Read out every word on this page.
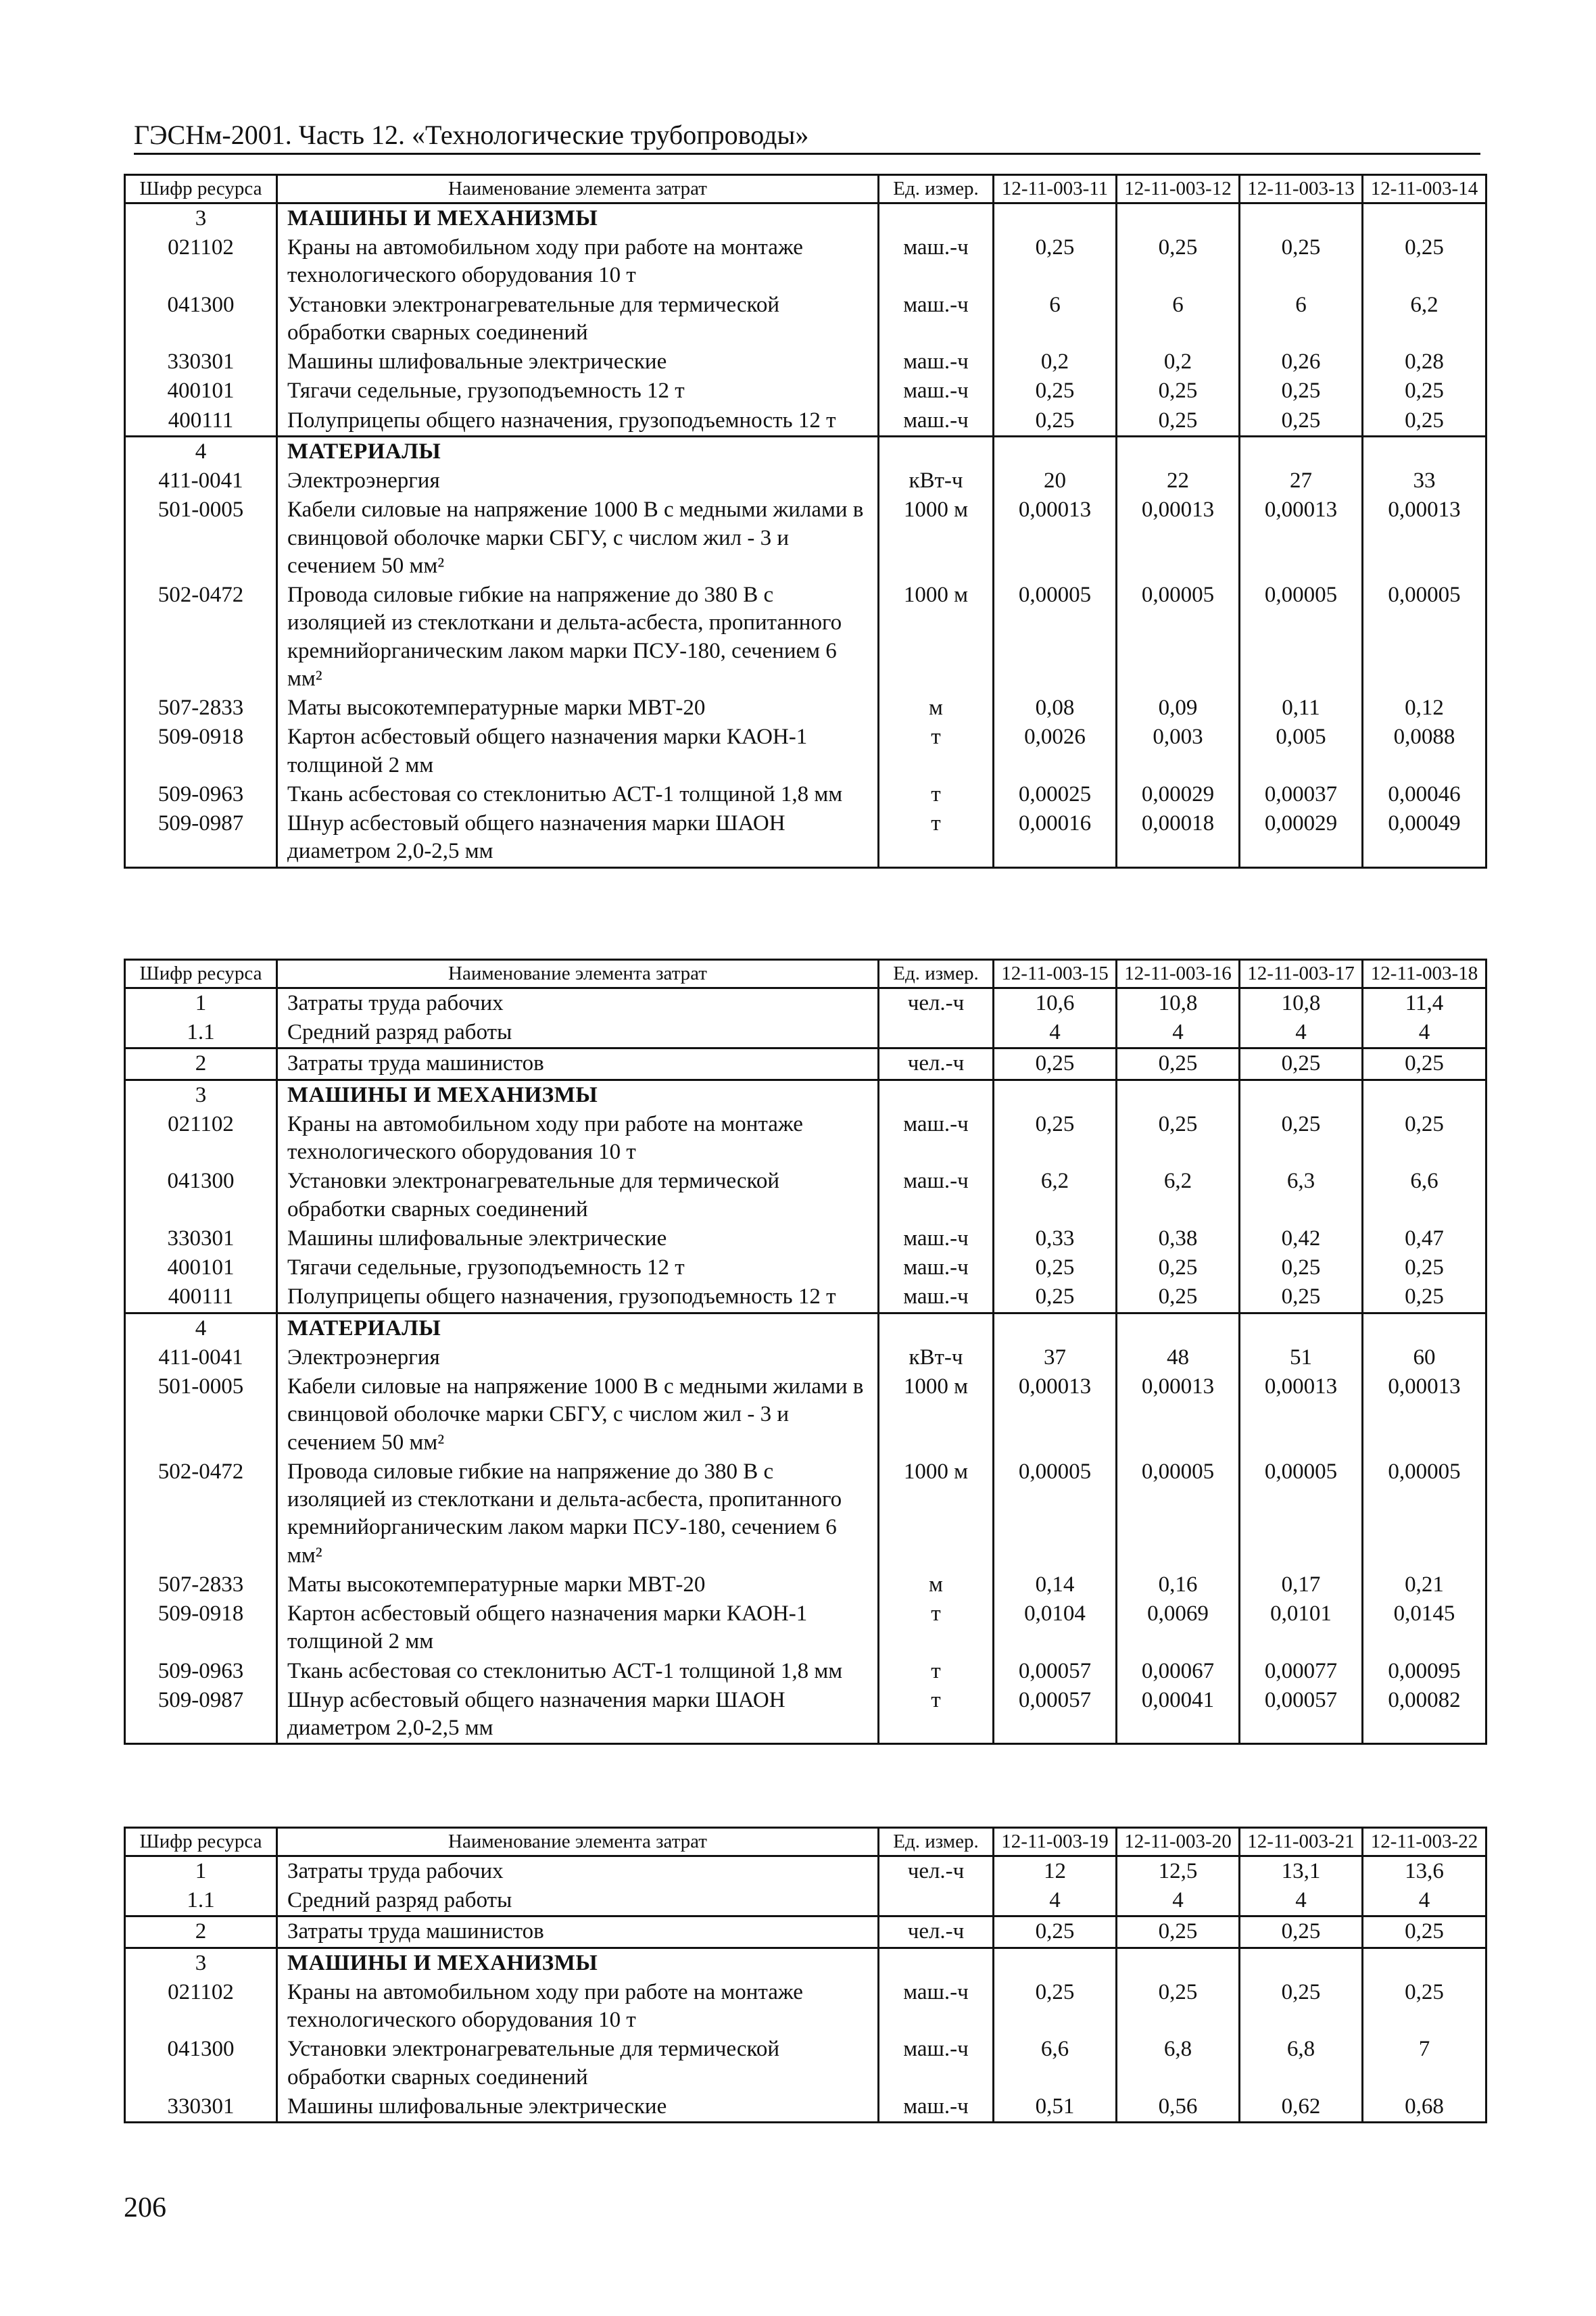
ГЭСНм-2001. Часть 12. «Технологические трубопроводы»
Шифр ресурса	Наименование элемента затрат	Ед. измер.	12-11-003-11	12-11-003-12	12-11-003-13	12-11-003-14
3	МАШИНЫ И МЕХАНИЗМЫ					
021102	Краны на автомобильном ходу при работе на монтаже технологического оборудования 10 т	маш.-ч	0,25	0,25	0,25	0,25
041300	Установки электронагревательные для термической обработки сварных соединений	маш.-ч	6	6	6	6,2
330301	Машины шлифовальные электрические	маш.-ч	0,2	0,2	0,26	0,28
400101	Тягачи седельные, грузоподъемность 12 т	маш.-ч	0,25	0,25	0,25	0,25
400111	Полуприцепы общего назначения, грузоподъемность 12 т	маш.-ч	0,25	0,25	0,25	0,25
4	МАТЕРИАЛЫ					
411-0041	Электроэнергия	кВт-ч	20	22	27	33
501-0005	Кабели силовые на напряжение 1000 В с медными жилами в свинцовой оболочке марки СБГУ, с числом жил - 3 и сечением 50 мм²	1000 м	0,00013	0,00013	0,00013	0,00013
502-0472	Провода силовые гибкие на напряжение до 380 В с изоляцией из стеклоткани и дельта-асбеста, пропитанного кремнийорганическим лаком марки ПСУ-180, сечением 6 мм²	1000 м	0,00005	0,00005	0,00005	0,00005
507-2833	Маты высокотемпературные марки МВТ-20	м	0,08	0,09	0,11	0,12
509-0918	Картон асбестовый общего назначения марки КАОН-1 толщиной 2 мм	т	0,0026	0,003	0,005	0,0088
509-0963	Ткань асбестовая со стеклонитью АСТ-1 толщиной 1,8 мм	т	0,00025	0,00029	0,00037	0,00046
509-0987	Шнур асбестовый общего назначения марки ШАОН диаметром 2,0-2,5 мм	т	0,00016	0,00018	0,00029	0,00049
Шифр ресурса	Наименование элемента затрат	Ед. измер.	12-11-003-15	12-11-003-16	12-11-003-17	12-11-003-18
1	Затраты труда рабочих	чел.-ч	10,6	10,8	10,8	11,4
1.1	Средний разряд работы		4	4	4	4
2	Затраты труда машинистов	чел.-ч	0,25	0,25	0,25	0,25
3	МАШИНЫ И МЕХАНИЗМЫ					
021102	Краны на автомобильном ходу при работе на монтаже технологического оборудования 10 т	маш.-ч	0,25	0,25	0,25	0,25
041300	Установки электронагревательные для термической обработки сварных соединений	маш.-ч	6,2	6,2	6,3	6,6
330301	Машины шлифовальные электрические	маш.-ч	0,33	0,38	0,42	0,47
400101	Тягачи седельные, грузоподъемность 12 т	маш.-ч	0,25	0,25	0,25	0,25
400111	Полуприцепы общего назначения, грузоподъемность 12 т	маш.-ч	0,25	0,25	0,25	0,25
4	МАТЕРИАЛЫ					
411-0041	Электроэнергия	кВт-ч	37	48	51	60
501-0005	Кабели силовые на напряжение 1000 В с медными жилами в свинцовой оболочке марки СБГУ, с числом жил - 3 и сечением 50 мм²	1000 м	0,00013	0,00013	0,00013	0,00013
502-0472	Провода силовые гибкие на напряжение до 380 В с изоляцией из стеклоткани и дельта-асбеста, пропитанного кремнийорганическим лаком марки ПСУ-180, сечением 6 мм²	1000 м	0,00005	0,00005	0,00005	0,00005
507-2833	Маты высокотемпературные марки МВТ-20	м	0,14	0,16	0,17	0,21
509-0918	Картон асбестовый общего назначения марки КАОН-1 толщиной 2 мм	т	0,0104	0,0069	0,0101	0,0145
509-0963	Ткань асбестовая со стеклонитью АСТ-1 толщиной 1,8 мм	т	0,00057	0,00067	0,00077	0,00095
509-0987	Шнур асбестовый общего назначения марки ШАОН диаметром 2,0-2,5 мм	т	0,00057	0,00041	0,00057	0,00082
Шифр ресурса	Наименование элемента затрат	Ед. измер.	12-11-003-19	12-11-003-20	12-11-003-21	12-11-003-22
1	Затраты труда рабочих	чел.-ч	12	12,5	13,1	13,6
1.1	Средний разряд работы		4	4	4	4
2	Затраты труда машинистов	чел.-ч	0,25	0,25	0,25	0,25
3	МАШИНЫ И МЕХАНИЗМЫ					
021102	Краны на автомобильном ходу при работе на монтаже технологического оборудования 10 т	маш.-ч	0,25	0,25	0,25	0,25
041300	Установки электронагревательные для термической обработки сварных соединений	маш.-ч	6,6	6,8	6,8	7
330301	Машины шлифовальные электрические	маш.-ч	0,51	0,56	0,62	0,68
206
